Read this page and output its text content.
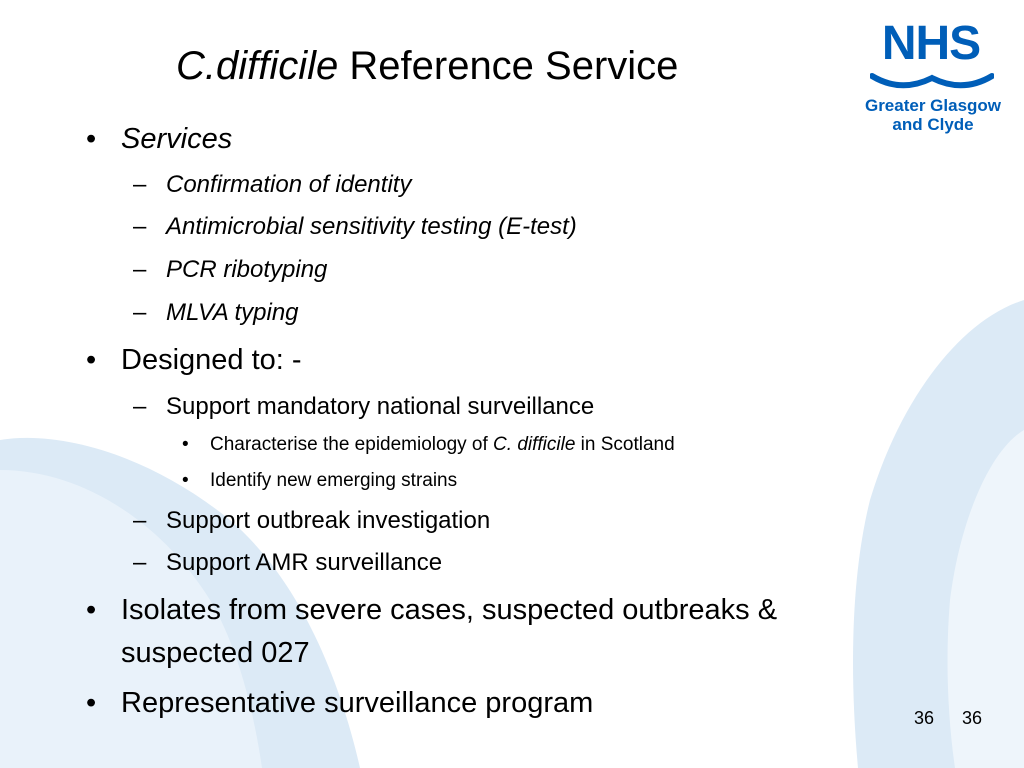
C.difficile Reference Service	NHS
Greater Glasgow
and Clyde
• Services
– Confirmation of identity
– Antimicrobial sensitivity testing (E-test)
– PCR ribotyping
– MLVA typing
• Designed to: -
– Support mandatory national surveillance
• Characterise the epidemiology of C. difficile in Scotland
• Identify new emerging strains
– Support outbreak investigation
– Support AMR surveillance
• Isolates from severe cases, suspected outbreaks &
suspected 027
• Representative surveillance program	36 36
